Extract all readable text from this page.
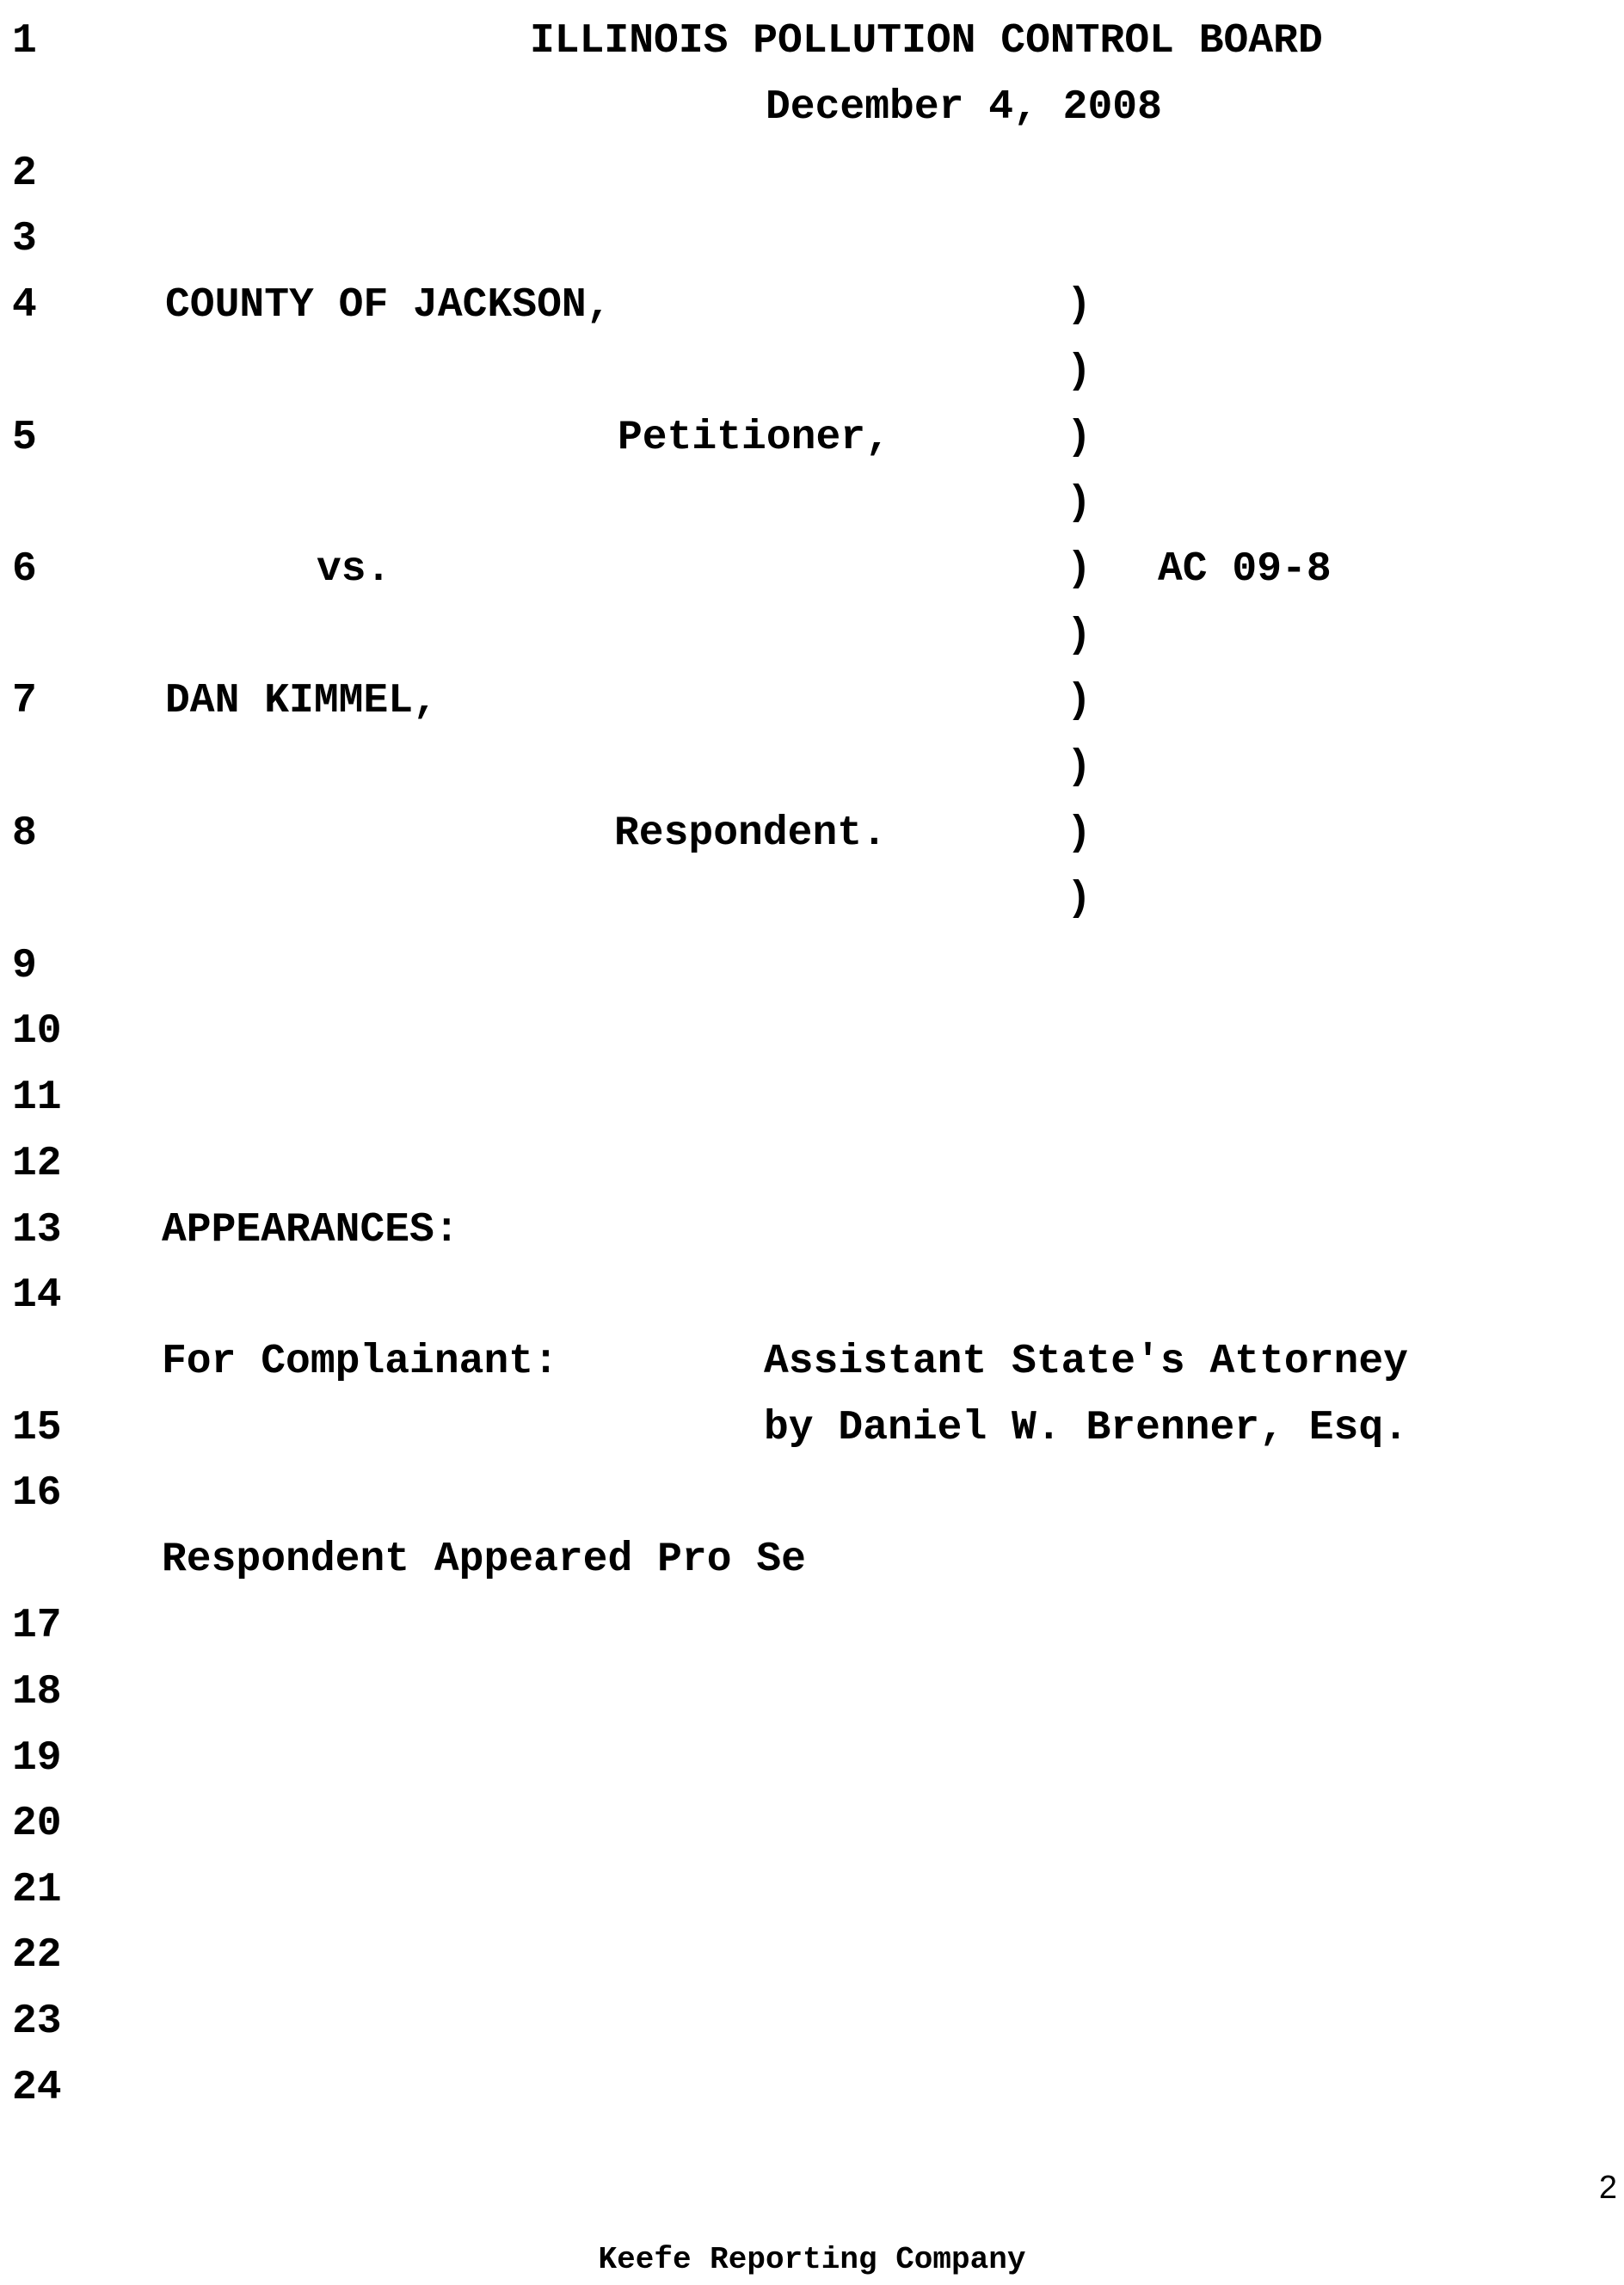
1
2
3
4
5
6
7
8
9
10
11
12
13
14
15
16
17
18
19
20
21
22
23
24
ILLINOIS POLLUTION CONTROL BOARD
December 4, 2008
COUNTY OF JACKSON,
Petitioner,
vs.
DAN KIMMEL,
Respondent.
AC 09-8
)
)
)
)
)
)
)
)
)
)
APPEARANCES:
For Complainant:	Assistant State's Attorney
by Daniel W. Brenner, Esq.
Respondent Appeared Pro Se
2
Keefe Reporting Company
